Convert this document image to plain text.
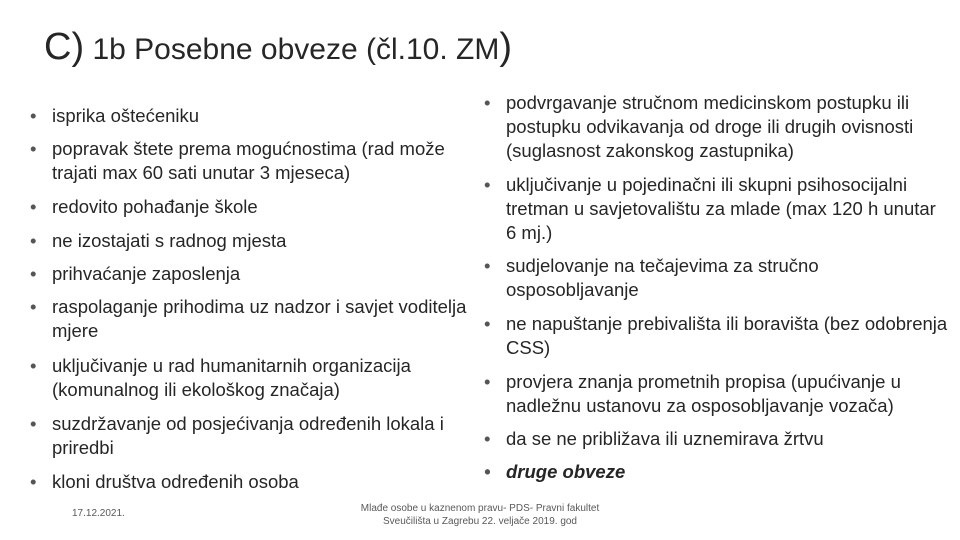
C) 1b Posebne obveze (čl.10. ZM)
• isprika oštećeniku
• popravak štete prema mogućnostima (rad može trajati max 60 sati unutar 3 mjeseca)
• redovito pohađanje škole
• ne izostajati s radnog mjesta
• prihvaćanje zaposlenja
• raspolaganje prihodima uz nadzor i savjet voditelja mjere
• uključivanje u rad humanitarnih organizacija (komunalnog ili ekološkog značaja)
• suzdržavanje od posjećivanja određenih lokala i priredbi
• kloni društva određenih osoba
• podvrgavanje stručnom medicinskom postupku ili postupku odvikavanja od droge ili drugih ovisnosti (suglasnost zakonskog zastupnika)
• uključivanje u pojedinačni ili skupni psihosocijalni tretman u savjetovalištu za mlade (max 120 h unutar 6 mj.)
• sudjelovanje na tečajevima za stručno osposobljavanje
• ne napuštanje prebivališta ili boravišta (bez odobrenja CSS)
• provjera znanja prometnih propisa (upućivanje u nadležnu ustanovu za osposobljavanje vozača)
• da se ne približava ili uznemirava žrtvu
• druge obveze
17.12.2021.	Mlađe osobe u kaznenom pravu- PDS- Pravni fakultet
Sveučilišta u Zagrebu 22. veljače 2019. god
